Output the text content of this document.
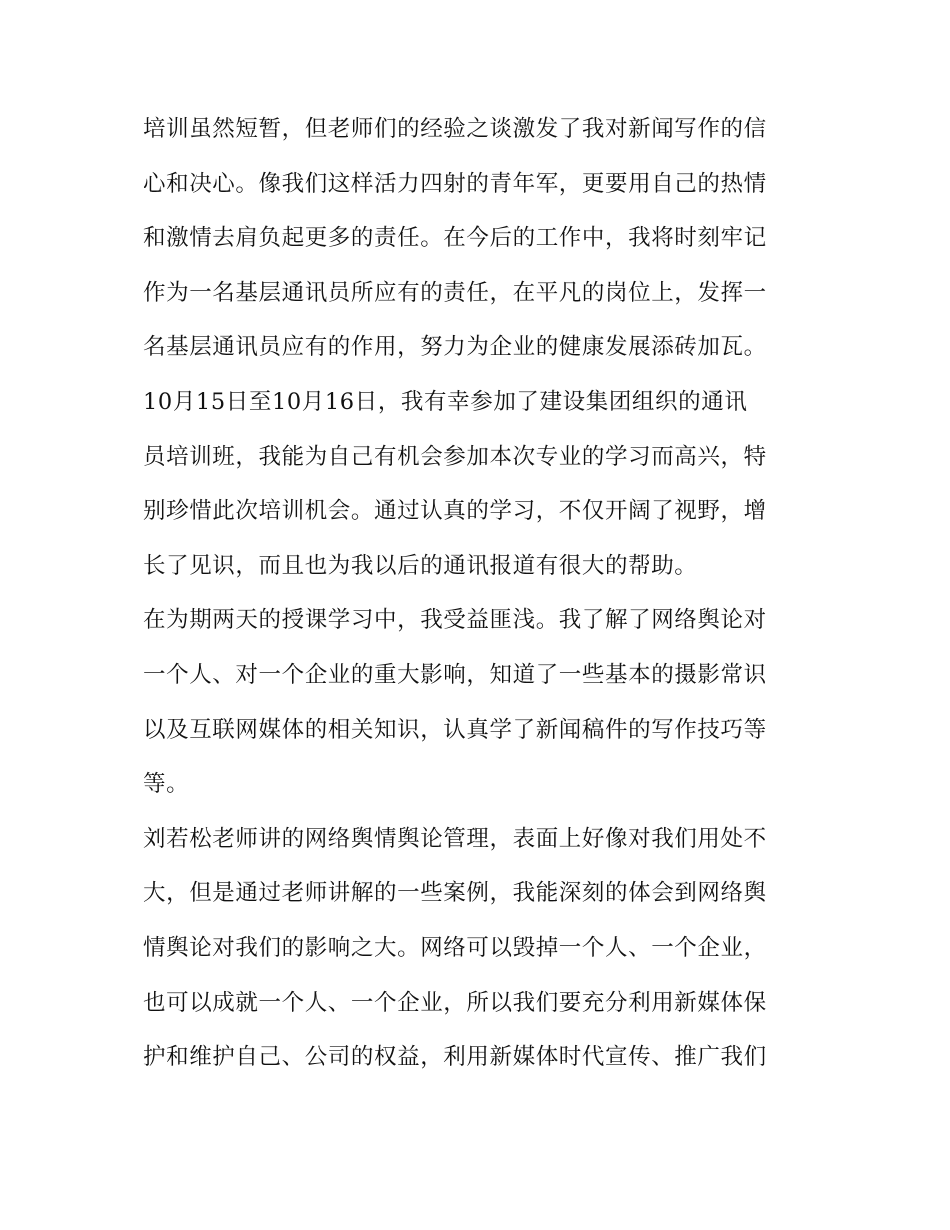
培训虽然短暂，但老师们的经验之谈激发了我对新闻写作的信
心和决心。像我们这样活力四射的青年军，更要用自己的热情
和激情去肩负起更多的责任。在今后的工作中，我将时刻牢记
作为一名基层通讯员所应有的责任，在平凡的岗位上，发挥一
名基层通讯员应有的作用，努力为企业的健康发展添砖加瓦。
10月15日至10月16日，我有幸参加了建设集团组织的通讯
员培训班，我能为自己有机会参加本次专业的学习而高兴，特
别珍惜此次培训机会。通过认真的学习，不仅开阔了视野，增
长了见识，而且也为我以后的通讯报道有很大的帮助。
在为期两天的授课学习中，我受益匪浅。我了解了网络舆论对
一个人、对一个企业的重大影响，知道了一些基本的摄影常识
以及互联网媒体的相关知识，认真学了新闻稿件的写作技巧等
等。
刘若松老师讲的网络舆情舆论管理，表面上好像对我们用处不
大，但是通过老师讲解的一些案例，我能深刻的体会到网络舆
情舆论对我们的影响之大。网络可以毁掉一个人、一个企业，
也可以成就一个人、一个企业，所以我们要充分利用新媒体保
护和维护自己、公司的权益，利用新媒体时代宣传、推广我们
